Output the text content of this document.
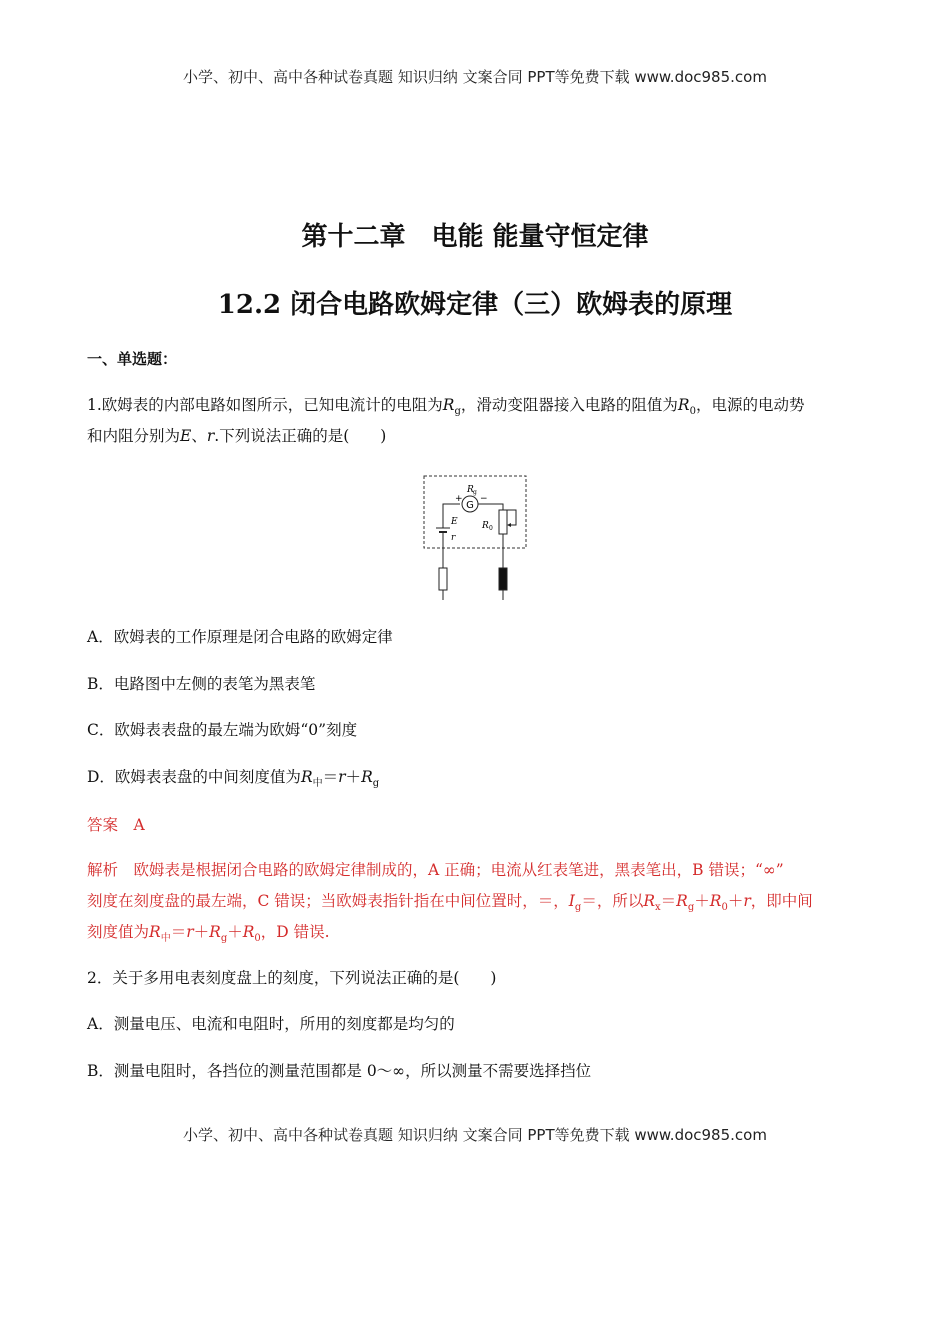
小学、初中、高中各种试卷真题 知识归纳 文案合同 PPT等免费下载 www.doc985.com
第十二章　电能 能量守恒定律
12.2 闭合电路欧姆定律（三）欧姆表的原理
一、单选题：
1.欧姆表的内部电路如图所示，已知电流计的电阻为$R_g$，滑动变阻器接入电路的阻值为$R_0$，电源的电动势
和内阻分别为E、r.下列说法正确的是(　　)
G
+ −
R g
E
r
R 0
A．欧姆表的工作原理是闭合电路的欧姆定律
B．电路图中左侧的表笔为黑表笔
C．欧姆表表盘的最左端为欧姆“0”刻度
D．欧姆表表盘的中间刻度值为$R_中=r+R_g$
答案　A
解析　欧姆表是根据闭合电路的欧姆定律制成的，A 正确；电流从红表笔进，黑表笔出，B 错误；“∞”
刻度在刻度盘的最左端，C 错误；当欧姆表指针指在中间位置时，＝，$I_g=$，所以$R_x=R_g+R_0+r$，即中间
刻度值为$R_中=r+R_g+R_0$，D 错误.
2．关于多用电表刻度盘上的刻度，下列说法正确的是(　　)
A．测量电压、电流和电阻时，所用的刻度都是均匀的
B．测量电阻时，各挡位的测量范围都是 0～∞，所以测量不需要选择挡位
小学、初中、高中各种试卷真题 知识归纳 文案合同 PPT等免费下载 www.doc985.com
